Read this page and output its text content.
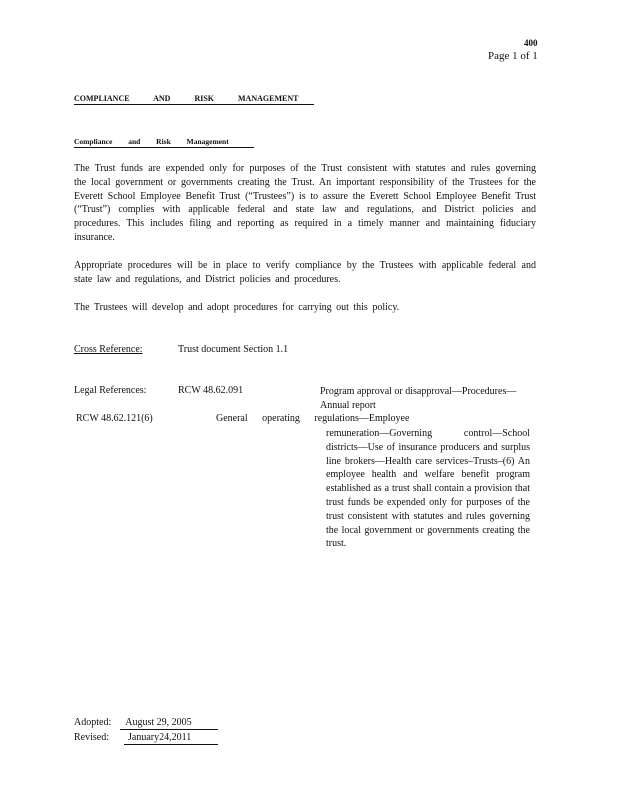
400
Page 1 of 1
COMPLIANCE AND RISK MANAGEMENT
Compliance and Risk Management
The Trust funds are expended only for purposes of the Trust consistent with statutes and rules governing the local government or governments creating the Trust. An important responsibility of the Trustees for the Everett School Employee Benefit Trust (“Trustees”) is to assure the Everett School Employee Benefit Trust (“Trust”) complies with applicable federal and state law and regulations, and District policies and procedures. This includes filing and reporting as required in a timely manner and maintaining fiduciary insurance.
Appropriate procedures will be in place to verify compliance by the Trustees with applicable federal and state law and regulations, and District policies and procedures.
The Trustees will develop and adopt procedures for carrying out this policy.
Cross Reference:	Trust document Section 1.1
Legal References:	RCW 48.62.091	Program approval or disapproval—Procedures—Annual report
RCW 48.62.121(6)	General operating regulations—Employee
remuneration—Governing control—School districts—Use of insurance producers and surplus line brokers—Health care services–Trusts–(6) An employee health and welfare benefit program established as a trust shall contain a provision that trust funds be expended only for purposes of the trust consistent with statutes and rules governing the local government or governments creating the trust.
Adopted: August 29, 2005
Revised: January24,2011
